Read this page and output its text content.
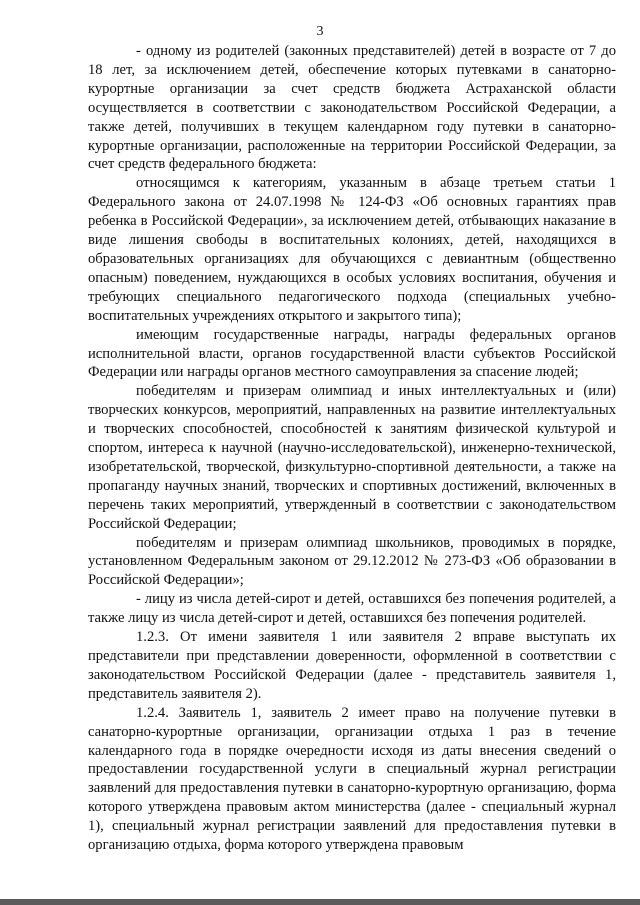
3

- одному из родителей (законных представителей) детей в возрасте от 7 до 18 лет, за исключением детей, обеспечение которых путевками в санаторно-курортные организации за счет средств бюджета Астраханской области осуществляется в соответствии с законодательством Российской Федерации, а также детей, получивших в текущем календарном году путевки в санаторно-курортные организации, расположенные на территории Российской Федерации, за счет средств федерального бюджета:

относящимся к категориям, указанным в абзаце третьем статьи 1 Федерального закона от 24.07.1998 № 124-ФЗ «Об основных гарантиях прав ребенка в Российской Федерации», за исключением детей, отбывающих наказание в виде лишения свободы в воспитательных колониях, детей, находящихся в образовательных организациях для обучающихся с девиантным (общественно опасным) поведением, нуждающихся в особых условиях воспитания, обучения и требующих специального педагогического подхода (специальных учебно-воспитательных учреждениях открытого и закрытого типа);

имеющим государственные награды, награды федеральных органов исполнительной власти, органов государственной власти субъектов Российской Федерации или награды органов местного самоуправления за спасение людей;

победителям и призерам олимпиад и иных интеллектуальных и (или) творческих конкурсов, мероприятий, направленных на развитие интеллектуальных и творческих способностей, способностей к занятиям физической культурой и спортом, интереса к научной (научно-исследовательской), инженерно-технической, изобретательской, творческой, физкультурно-спортивной деятельности, а также на пропаганду научных знаний, творческих и спортивных достижений, включенных в перечень таких мероприятий, утвержденный в соответствии с законодательством Российской Федерации;

победителям и призерам олимпиад школьников, проводимых в порядке, установленном Федеральным законом от 29.12.2012 № 273-ФЗ «Об образовании в Российской Федерации»;

- лицу из числа детей-сирот и детей, оставшихся без попечения родителей, а также лицу из числа детей-сирот и детей, оставшихся без попечения родителей.

1.2.3. От имени заявителя 1 или заявителя 2 вправе выступать их представители при представлении доверенности, оформленной в соответствии с законодательством Российской Федерации (далее - представитель заявителя 1, представитель заявителя 2).

1.2.4. Заявитель 1, заявитель 2 имеет право на получение путевки в санаторно-курортные организации, организации отдыха 1 раз в течение календарного года в порядке очередности исходя из даты внесения сведений о предоставлении государственной услуги в специальный журнал регистрации заявлений для предоставления путевки в санаторно-курортную организацию, форма которого утверждена правовым актом министерства (далее - специальный журнал 1), специальный журнал регистрации заявлений для предоставления путевки в организацию отдыха, форма которого утверждена правовым
